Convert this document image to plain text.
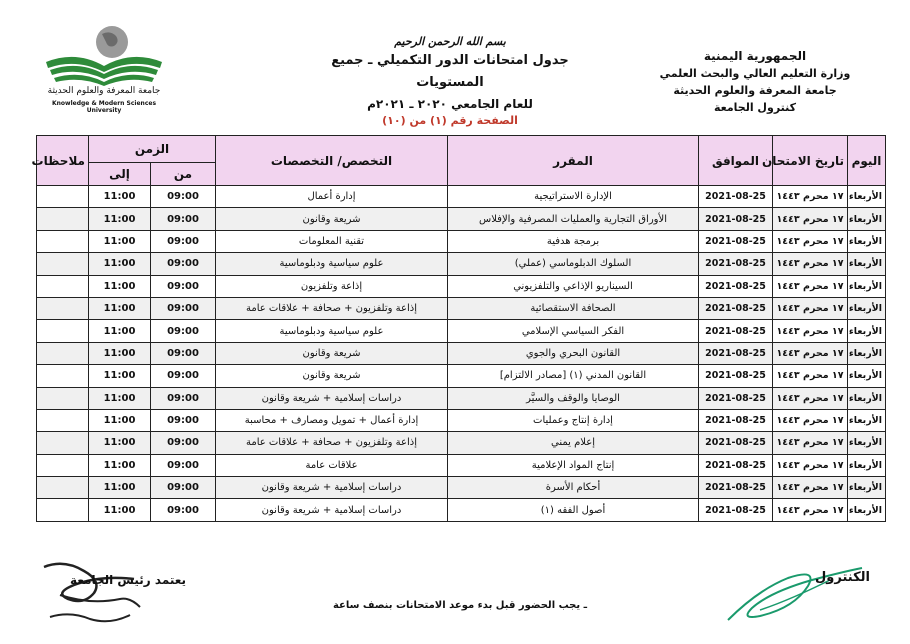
جامعة المعرفة والعلوم الحديثة
Knowledge & Modern Sciences University
بسم الله الرحمن الرحيم
جدول امتحانات الدور التكميلي ـ جميع المستويات
للعام الجامعي ٢٠٢٠ ـ ٢٠٢١م
الصفحة رقم (١) من (١٠)
الجمهورية اليمنية
وزارة التعليم العالي والبحث العلمي
جامعة المعرفة والعلوم الحديثة
كنترول الجامعة
اليوم	تاريخ الامتحان	الموافق	المقرر	التخصص/ التخصصات	الزمن		ملاحظات
					من	إلى	
الأربعاء	١٧ محرم ١٤٤٣	2021-08-25	الإدارة الاستراتيجية	إدارة أعمال	09:00	11:00	
الأربعاء	١٧ محرم ١٤٤٣	2021-08-25	الأوراق التجارية والعمليات المصرفية والإفلاس	شريعة وقانون	09:00	11:00	
الأربعاء	١٧ محرم ١٤٤٣	2021-08-25	برمجة هدفية	تقنية المعلومات	09:00	11:00	
الأربعاء	١٧ محرم ١٤٤٣	2021-08-25	السلوك الدبلوماسي (عملي)	علوم سياسية ودبلوماسية	09:00	11:00	
الأربعاء	١٧ محرم ١٤٤٣	2021-08-25	السيناريو الإذاعي والتلفزيوني	إذاعة وتلفزيون	09:00	11:00	
الأربعاء	١٧ محرم ١٤٤٣	2021-08-25	الصحافة الاستقصائية	إذاعة وتلفزيون + صحافة + علاقات عامة	09:00	11:00	
الأربعاء	١٧ محرم ١٤٤٣	2021-08-25	الفكر السياسي الإسلامي	علوم سياسية ودبلوماسية	09:00	11:00	
الأربعاء	١٧ محرم ١٤٤٣	2021-08-25	القانون البحري والجوي	شريعة وقانون	09:00	11:00	
الأربعاء	١٧ محرم ١٤٤٣	2021-08-25	القانون المدني (١) [مصادر الالتزام]	شريعة وقانون	09:00	11:00	
الأربعاء	١٧ محرم ١٤٤٣	2021-08-25	الوصايا والوقف والسيَّر	دراسات إسلامية + شريعة وقانون	09:00	11:00	
الأربعاء	١٧ محرم ١٤٤٣	2021-08-25	إدارة إنتاج وعمليات	إدارة أعمال + تمويل ومصارف + محاسبة	09:00	11:00	
الأربعاء	١٧ محرم ١٤٤٣	2021-08-25	إعلام يمني	إذاعة وتلفزيون + صحافة + علاقات عامة	09:00	11:00	
الأربعاء	١٧ محرم ١٤٤٣	2021-08-25	إنتاج المواد الإعلامية	علاقات عامة	09:00	11:00	
الأربعاء	١٧ محرم ١٤٤٣	2021-08-25	أحكام الأسرة	دراسات إسلامية + شريعة وقانون	09:00	11:00	
الأربعاء	١٧ محرم ١٤٤٣	2021-08-25	أصول الفقه (١)	دراسات إسلامية + شريعة وقانون	09:00	11:00	
الكنترول
يعتمد رئيس الجامعة
ـ يجب الحضور قبل بدء موعد الامتحانات بنصف ساعة
